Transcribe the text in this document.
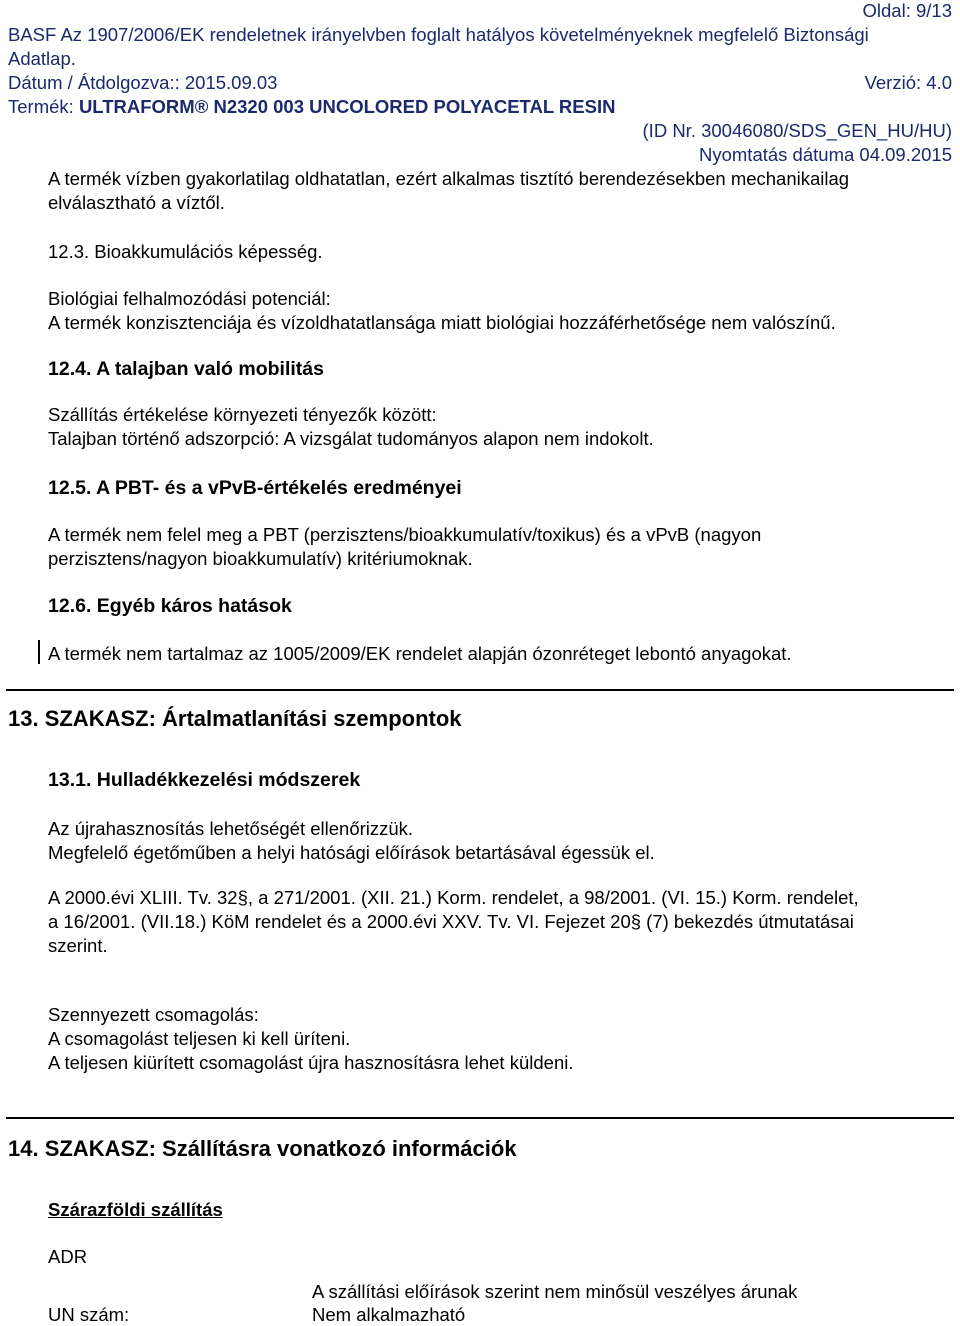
Oldal: 9/13
BASF Az 1907/2006/EK rendeletnek irányelvben foglalt hatályos követelményeknek megfelelő Biztonsági
Adatlap.
Dátum / Átdolgozva:: 2015.09.03	Verzió: 4.0
Termék: ULTRAFORM® N2320 003 UNCOLORED POLYACETAL RESIN
(ID Nr. 30046080/SDS_GEN_HU/HU)
Nyomtatás dátuma 04.09.2015
A termék vízben gyakorlatilag oldhatatlan, ezért alkalmas tisztító berendezésekben mechanikailag
elválasztható a víztől.
12.3. Bioakkumulációs képesség.
Biológiai felhalmozódási potenciál:
A termék konzisztenciája és vízoldhatatlansága miatt biológiai hozzáférhetősége nem valószínű.
12.4. A talajban való mobilitás
Szállítás értékelése környezeti tényezők között:
Talajban történő adszorpció: A vizsgálat tudományos alapon nem indokolt.
12.5. A PBT- és a vPvB-értékelés eredményei
A termék nem felel meg a PBT (perzisztens/bioakkumulatív/toxikus) és a vPvB (nagyon
perzisztens/nagyon bioakkumulatív) kritériumoknak.
12.6. Egyéb káros hatások
A termék nem tartalmaz az 1005/2009/EK rendelet alapján ózonréteget lebontó anyagokat.
13. SZAKASZ: Ártalmatlanítási szempontok
13.1. Hulladékkezelési módszerek
Az újrahasznosítás lehetőségét ellenőrizzük.
Megfelelő égetőműben a helyi hatósági előírások betartásával égessük el.
A 2000.évi XLIII. Tv. 32§, a 271/2001. (XII. 21.) Korm. rendelet, a 98/2001. (VI. 15.) Korm. rendelet,
a 16/2001. (VII.18.) KöM rendelet és a 2000.évi XXV. Tv. VI. Fejezet 20§ (7) bekezdés útmutatásai
szerint.
Szennyezett csomagolás:
A csomagolást teljesen ki kell üríteni.
A teljesen kiürített csomagolást újra hasznosításra lehet küldeni.
14. SZAKASZ: Szállításra vonatkozó információk
Szárazföldi szállítás
ADR
A szállítási előírások szerint nem minősül veszélyes árunak
UN szám:	Nem alkalmazható
